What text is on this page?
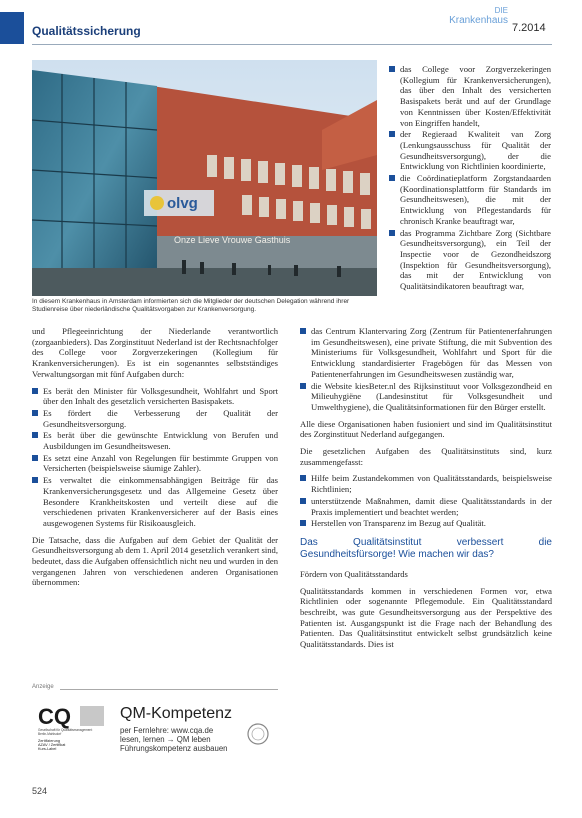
Qualitätssicherung
DIE
Krankenhaus
7.2014
olvg
Onze Lieve Vrouwe Gasthuis
In diesem Krankenhaus in Amsterdam informierten sich die Mitglieder der deutschen Delegation während ihrer Studienreise über niederländische Qualitätsvorgaben zur Krankenversorgung.
das College voor Zorgverzekeringen (Kollegium für Krankenversicherungen), das über den Inhalt des versicherten Basispakets berät und auf der Grundlage von Kenntnissen über Kosten/Effektivität von Eingriffen handelt,
der Regieraad Kwaliteit van Zorg (Lenkungsausschuss für Qualität der Gesundheitsversorgung), der die Entwicklung von Richtlinien koordinierte,
die Coördinatieplatform Zorgstandaarden (Koordinationsplattform für Standards im Gesundheitswesen), die mit der Entwicklung von Pflegestandards für chronisch Kranke beauftragt war,
das Programma Zichtbare Zorg (Sichtbare Gesundheitsversorgung), ein Teil der Inspectie voor de Gezondheidszorg (Inspektion für Gesundheitsversorgung), das mit der Entwicklung von Qualitätsindikatoren beauftragt war,

und Pflegeeinrichtung der Niederlande verantwortlich (zorgaanbieders). Das Zorginstituut Nederland ist der Rechtsnachfolger des College voor Zorgverzekeringen (Kollegium für Krankenversicherungen). Es ist ein sogenanntes selbstständiges Verwaltungsorgan mit fünf Aufgaben durch:

Es berät den Minister für Volksgesundheit, Wohlfahrt und Sport über den Inhalt des gesetzlich versicherten Basispakets.
Es fördert die Verbesserung der Qualität der Gesundheitsversorgung.
Es berät über die gewünschte Entwicklung von Berufen und Ausbildungen im Gesundheitswesen.
Es setzt eine Anzahl von Regelungen für bestimmte Gruppen von Versicherten (beispielsweise säumige Zahler).
Es verwaltet die einkommensabhängigen Beiträge für das Krankenversicherungsgesetz und das Allgemeine Gesetz über Besondere Krankheitskosten und verteilt diese auf die verschiedenen privaten Krankenversicherer auf der Basis eines ausgewogenen Systems für Risikoausgleich.

Die Tatsache, dass die Aufgaben auf dem Gebiet der Qualität der Gesundheitsversorgung ab dem 1. April 2014 gesetzlich verankert sind, bedeutet, dass die Aufgaben offensichtlich nicht neu und wurden in den vergangenen Jahren von verschiedenen anderen Organisationen übernommen:

das Centrum Klantervaring Zorg (Zentrum für Patientenerfahrungen im Gesundheitswesen), eine private Stiftung, die mit Subvention des Ministeriums für Volksgesundheit, Wohlfahrt und Sport für die Entwicklung standardisierter Fragebögen für das Messen von Patientenerfahrungen im Gesundheitswesen zuständig war,
die Website kiesBeter.nl des Rijksinstituut voor Volksgezondheid en Milieuhygiëne (Landesinstitut für Volksgesundheit und Umwelthygiene), die Qualitätsinformationen für den Bürger erstellt.

Alle diese Organisationen haben fusioniert und sind im Qualitätsinstitut des Zorginstituut Nederland aufgegangen.

Die gesetzlichen Aufgaben des Qualitätsinstituts sind, kurz zusammengefasst:

Hilfe beim Zustandekommen von Qualitätsstandards, beispielsweise Richtlinien;
unterstützende Maßnahmen, damit diese Qualitätsstandards in der Praxis implementiert und beachtet werden;
Herstellen von Transparenz im Bezug auf Qualität.
Das Qualitätsinstitut verbessert die Gesundheitsfürsorge! Wie machen wir das?

Fördern von Qualitätsstandards

Qualitätsstandards kommen in verschiedenen Formen vor, etwa Richtlinien oder sogenannte Pflegemodule. Ein Qualitätsstandard beschreibt, was gute Gesundheitsversorgung aus der Perspektive des Patienten ist. Ausgangspunkt ist die Frage nach der Behandlung des Patienten. Das Qualitätsinstitut entwickelt selbst grundsätzlich keine Qualitätsstandards. Dies ist

Anzeige
CQ
Gesellschaft für Qualitätsmanagement
Berlin-Mahlsdorf
Zertifizierung
AZAV / Zertifikat
Kurs-Label
QM-Kompetenz
per Fernlehre: www.cqa.de
lesen, lernen → QM leben
Führungskompetenz ausbauen
524
